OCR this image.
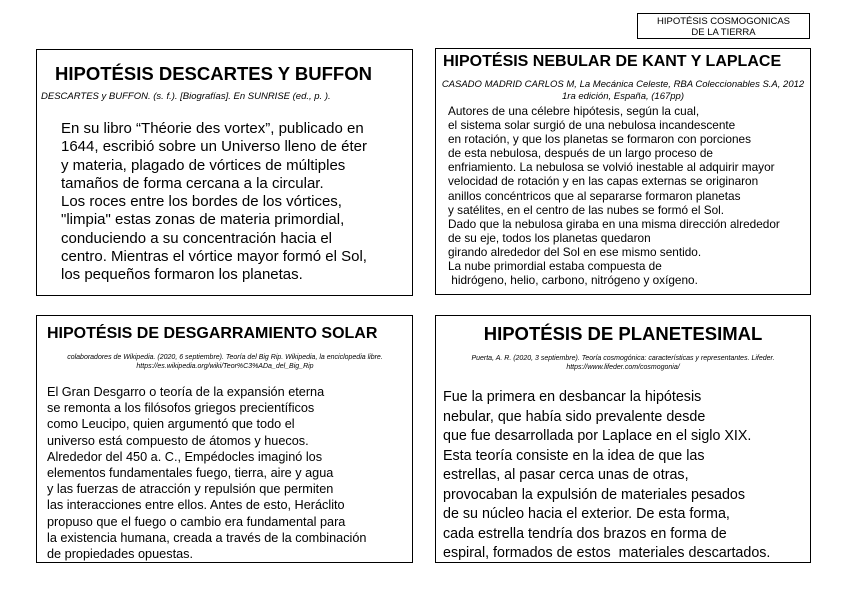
HIPOTÉSIS COSMOGONICAS
DE LA TIERRA
HIPOTÉSIS DESCARTES Y BUFFON
DESCARTES y BUFFON. (s. f.). [Biografías]. En SUNRISE (ed., p. ).
En su libro “Théorie des vortex”, publicado en
1644, escribió sobre un Universo lleno de éter
y materia, plagado de vórtices de múltiples
tamaños de forma cercana a la circular.
Los roces entre los bordes de los vórtices,
"limpia" estas zonas de materia primordial,
conduciendo a su concentración hacia el
centro. Mientras el vórtice mayor formó el Sol,
los pequeños formaron los planetas.
HIPOTÉSIS NEBULAR DE KANT Y LAPLACE
CASADO MADRID CARLOS M, La Mecánica Celeste, RBA Coleccionables S.A, 2012 1ra edición, España, (167pp)
Autores de una célebre hipótesis, según la cual,
el sistema solar surgió de una nebulosa incandescente
en rotación, y que los planetas se formaron con porciones
de esta nebulosa, después de un largo proceso de
enfriamiento. La nebulosa se volvió inestable al adquirir mayor
velocidad de rotación y en las capas externas se originaron
anillos concéntricos que al separarse formaron planetas
y satélites, en el centro de las nubes se formó el Sol.
Dado que la nebulosa giraba en una misma dirección alrededor
de su eje, todos los planetas quedaron
girando alrededor del Sol en ese mismo sentido.
La nube primordial estaba compuesta de
hidrógeno, helio, carbono, nitrógeno y oxígeno.
HIPOTÉSIS DE DESGARRAMIENTO SOLAR
colaboradores de Wikipedia. (2020, 6 septiembre). Teoría del Big Rip. Wikipedia, la enciclopedia libre. https://es.wikipedia.org/wiki/Teor%C3%ADa_del_Big_Rip
El Gran Desgarro o teoría de la expansión eterna
se remonta a los filósofos griegos precientíficos
como Leucipo, quien argumentó que todo el
universo está compuesto de átomos y huecos.
Alrededor del 450 a. C., Empédocles imaginó los
elementos fundamentales fuego, tierra, aire y agua
y las fuerzas de atracción y repulsión que permiten
las interacciones entre ellos. Antes de esto, Heráclito
propuso que el fuego o cambio era fundamental para
la existencia humana, creada a través de la combinación
de propiedades opuestas.
HIPOTÉSIS DE PLANETESIMAL
Puerta, A. R. (2020, 3 septiembre). Teoría cosmogónica: características y representantes. Lifeder. https://www.lifeder.com/cosmogonia/
Fue la primera en desbancar la hipótesis
nebular, que había sido prevalente desde
que fue desarrollada por Laplace en el siglo XIX.
Esta teoría consiste en la idea de que las
estrellas, al pasar cerca unas de otras,
provocaban la expulsión de materiales pesados
de su núcleo hacia el exterior. De esta forma,
cada estrella tendría dos brazos en forma de
espiral, formados de estos  materiales descartados.
